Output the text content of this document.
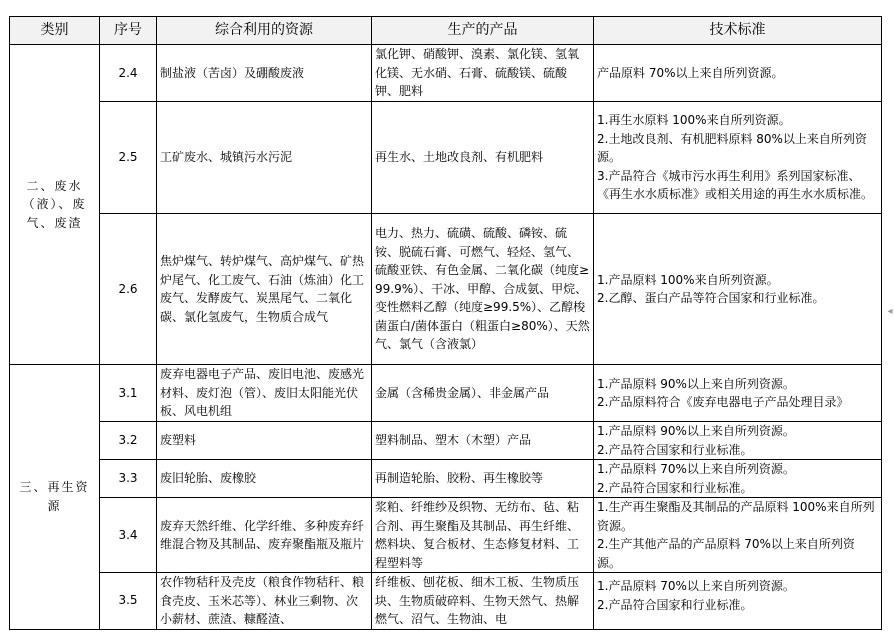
类别	序号	综合利用的资源	生产的产品	技术标准
二、废水（液）、废气、废渣	2.4	制盐液（苦卤）及硼酸废液	氯化钾、硝酸钾、溴素、氯化镁、氢氧化镁、无水硝、石膏、硫酸镁、硫酸钾、肥料	产品原料 70%以上来自所列资源。
	2.5	工矿废水、城镇污水污泥	再生水、土地改良剂、有机肥料	1.再生水原料 100%来自所列资源。
2.土地改良剂、有机肥料原料 80%以上来自所列资源。
3.产品符合《城市污水再生利用》系列国家标准、《再生水水质标准》或相关用途的再生水水质标准。
	2.6	焦炉煤气、转炉煤气、高炉煤气、矿热炉尾气、化工废气、石油（炼油）化工废气、发酵废气、炭黑尾气、二氧化碳、氯化氢废气，生物质合成气	电力、热力、硫磺、硫酸、磷铵、硫铵、脱硫石膏、可燃气、轻烃、氢气、硫酸亚铁、有色金属、二氧化碳（纯度≥99.9%）、干冰、甲醇、合成氨、甲烷、变性燃料乙醇（纯度≥99.5%）、乙醇梭菌蛋白/菌体蛋白（粗蛋白≥80%）、天然气、氯气（含液氯）	1.产品原料 100%来自所列资源。
2.乙醇、蛋白产品等符合国家和行业标准。
三、再生资源	3.1	废弃电器电子产品、废旧电池、废感光材料、废灯泡（管）、废旧太阳能光伏板、风电机组	金属（含稀贵金属）、非金属产品	1.产品原料 90%以上来自所列资源。
2.产品原料符合《废弃电器电子产品处理目录》
	3.2	废塑料	塑料制品、塑木（木塑）产品	1.产品原料 90%以上来自所列资源。
2.产品符合国家和行业标准。
	3.3	废旧轮胎、废橡胶	再制造轮胎、胶粉、再生橡胶等	1.产品原料 70%以上来自所列资源。
2.产品符合国家和行业标准。
	3.4	废弃天然纤维、化学纤维、多种废弃纤维混合物及其制品、废弃聚酯瓶及瓶片	浆粕、纤维纱及织物、无纺布、毡、粘合剂、再生聚酯及其制品、再生纤维、燃料块、复合板材、生态修复材料、工程塑料等	1.生产再生聚酯及其制品的产品原料 100%来自所列资源。
2.生产其他产品的产品原料 70%以上来自所列资源。
	3.5	农作物秸秆及壳皮（粮食作物秸秆、粮食壳皮、玉米芯等）、林业三剩物、次小薪材、蔗渣、糠醛渣、	纤维板、刨花板、细木工板、生物质压块、生物质破碎料、生物天然气、热解燃气、沼气、生物油、电	1.产品原料 70%以上来自所列资源。
2.产品符合国家和行业标准。
◂
